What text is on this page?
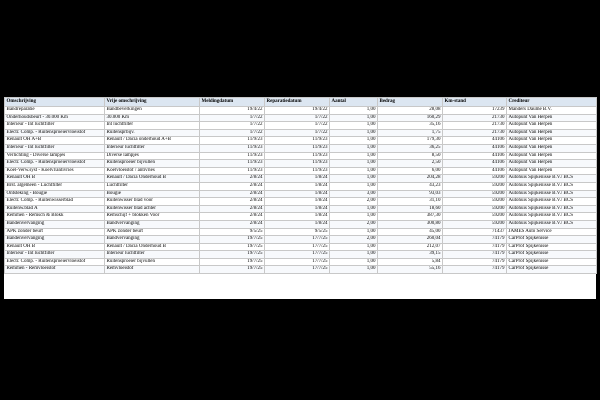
Omschrijving	Vrije omschrijving	Meldingdatum	Reparatiedatum	Aantal	Bedrag	Km-stand	Crediteur
Bandreparatie	Bandbeverkingen	19/4/22	19/4/22	1,00	28,08	17239	Manders Daume B.V.
Onderhoudsbeurt - 30.000 Km	30.000 Km	1/7/22	1/7/22	1,00	160,29	21730	Autopunt Van Herpen
Interieur - Int luchtfilter	Int luchtfilter	1/7/22	1/7/22	1,00	35,16	21730	Autopunt Van Herpen
Electr. Comp. - Ruitensproeiervloeistof	Ruitensprbijv.	1/7/22	1/7/22	1,00	1,75	21730	Autopunt Van Herpen
Renault OH A+B	Renault / Dacia onderhoud A+B	11/9/23	11/9/23	1,00	179,30	44106	Autopunt Van Herpen
Interieur - Int luchtfilter	Interieur luchtfilter	11/9/23	11/9/23	1,00	36,25	44106	Autopunt Van Herpen
Verlichting - Diverse lampjes	Diverse lampjes	11/9/23	11/9/23	1,00	8,50	44106	Autopunt Van Herpen
Electr. Comp. - Ruitensproeiervloeistof	Ruitensproeier bijvullen	11/9/23	11/9/23	1,00	2,50	44106	Autopunt Van Herpen
Koel-Verw.syst - Koelvl/antivries	Koelvloeistof / antivries	11/9/23	11/9/23	1,00	6,00	44106	Autopunt Van Herpen
Renault OH B	Renault / Dacia Onderhoud B	2/8/24	1/8/24	1,00	204,28	59200	Autohuis Spijkenisse B.V./ BCS
Brst. algemeen - Luchtfilter	Luchtfilter	2/8/24	1/8/24	1,00	43,23	59200	Autohuis Spijkenisse B.V./ BCS
Ontsteking - Bougie	Bougie	2/8/24	1/8/24	3,00	93,03	59200	Autohuis Spijkenisse B.V./ BCS
Electr. Comp. - Ruitenwisserblad	Ruitenwisser blad voor	2/8/24	1/8/24	2,00	31,10	59200	Autohuis Spijkenisse B.V./ BCS
Ruitenw.blad A	Ruitenwisser blad achter	2/8/24	1/8/24	1,00	18,60	59200	Autohuis Spijkenisse B.V./ BCS
Remmen - Remsch & Blokk	Remschijf + blokken Voor	2/8/24	1/8/24	1,00	387,30	59200	Autohuis Spijkenisse B.V./ BCS
Bandenvervanging	Bandvervanging	2/8/24	1/8/24	2,00	300,80	59200	Autohuis Spijkenisse B.V./ BCS
APK zonder beurt	APK zonder beurt	9/5/25	9/5/25	1,00	45,00	71437	JAMES Auto Service
Bandenvervanging	Bandvervanging	19/7/25	17/7/25	2,00	260,04	74179	CarProf Spijkenisse
Renault OH B	Renault / Dacia Onderhoud B	19/7/25	17/7/25	1,00	212,07	74179	CarProf Spijkenisse
Interieur - Int luchtfilter	Interieur luchtfilter	19/7/25	17/7/25	1,00	39,15	74179	CarProf Spijkenisse
Electr. Comp. - Ruitensproeiervloeistof	Ruitensproeier bijvullen	19/7/25	17/7/25	1,00	5,84	74179	CarProf Spijkenisse
Remmen - Remvloeistof	Remvloeistof	19/7/25	17/7/25	1,00	55,16	74179	CarProf Spijkenisse
